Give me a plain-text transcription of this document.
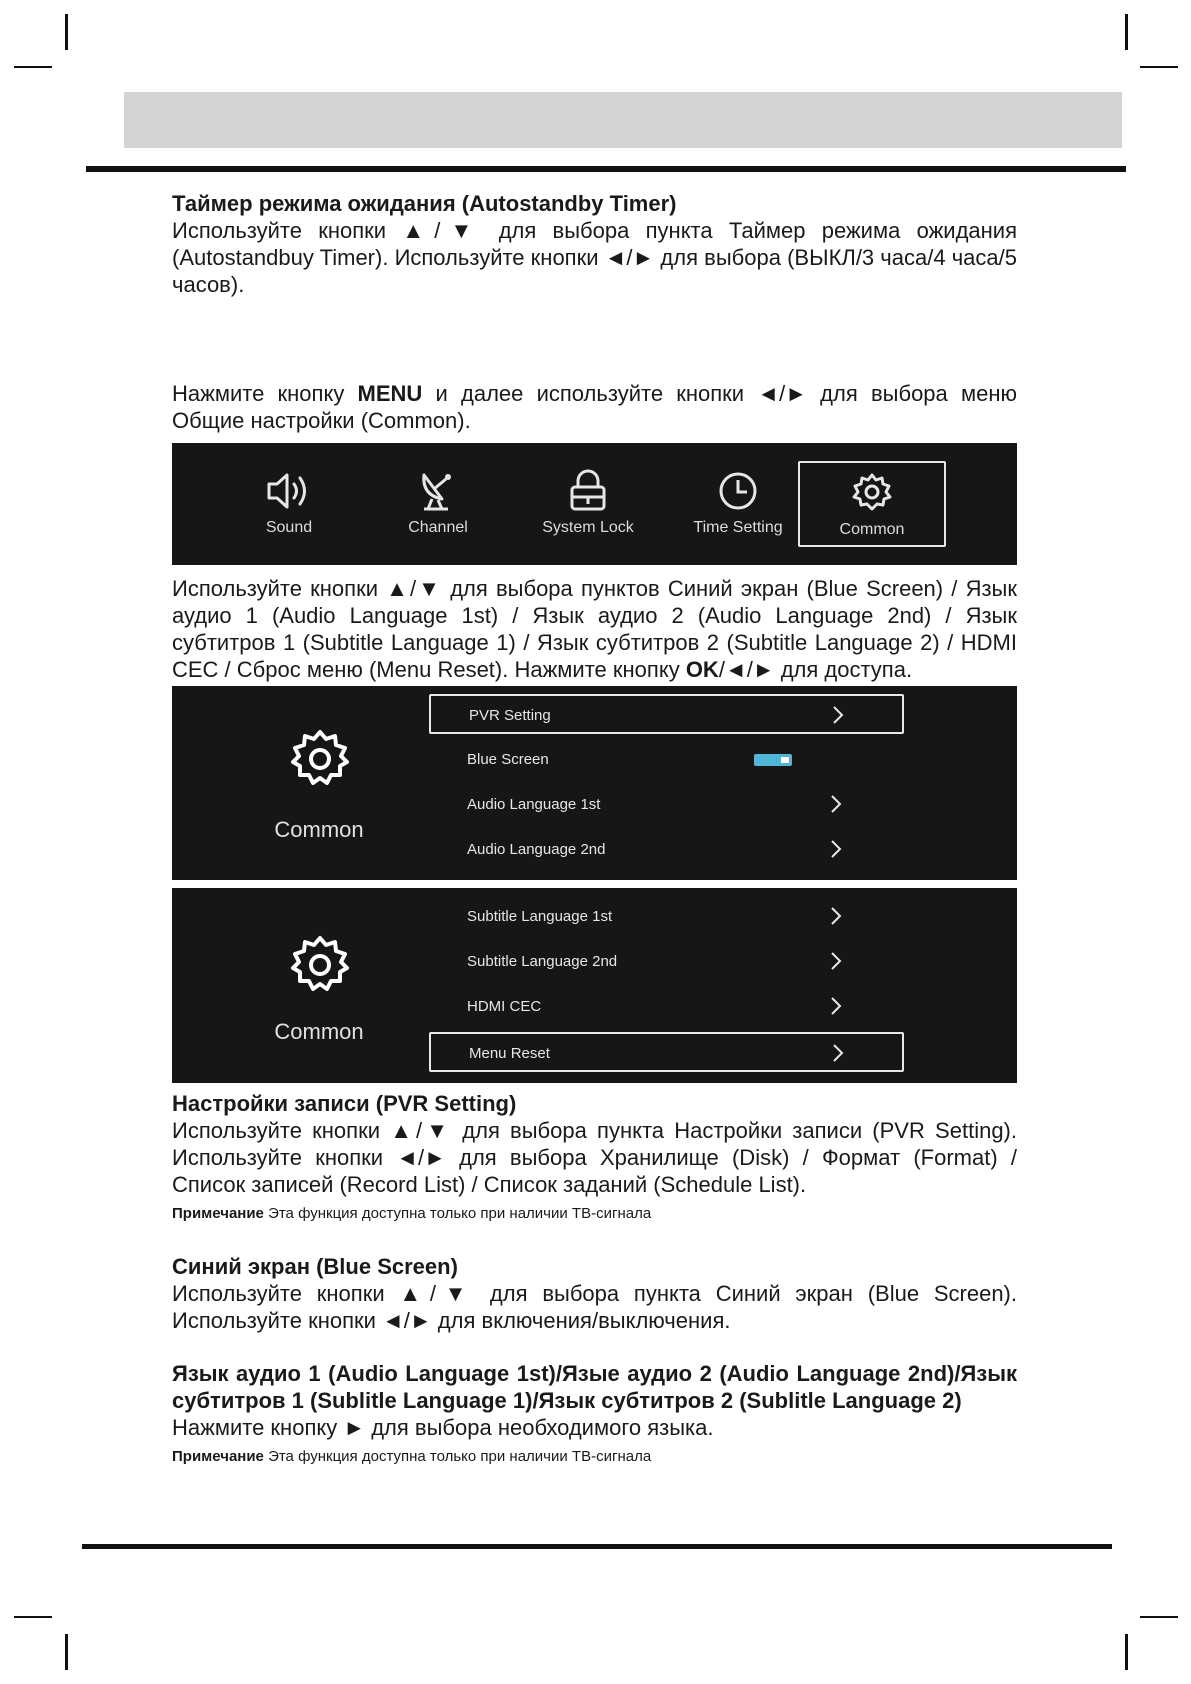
Таймер режима ожидания (Autostandby Timer)

Используйте кнопки ▲/▼ для выбора пункта Таймер режима ожидания (Autostandbuy Timer). Используйте кнопки ◄/► для выбора (ВЫКЛ/3 часа/4 часа/5 часов).

Нажмите кнопку MENU и далее используйте кнопки ◄/► для выбора меню Общие настройки (Common).

Sound	Channel	System Lock	Time Setting	Common

Используйте кнопки ▲/▼ для выбора пунктов Синий экран (Blue Screen) / Язык аудио 1 (Audio Language 1st) / Язык аудио 2 (Audio Language 2nd) / Язык субтитров 1 (Subtitle Language 1) / Язык субтитров 2 (Subtitle Language 2) / HDMI CEC / Сброс меню (Menu Reset). Нажмите кнопку OK/◄/► для доступа.

Common
PVR Setting
Blue Screen
Audio Language 1st
Audio Language 2nd
Common
Subtitle Language 1st
Subtitle Language 2nd
HDMI CEC
Menu Reset

Настройки записи (PVR Setting)

Используйте кнопки ▲/▼ для выбора пункта Настройки записи (PVR Setting). Используйте кнопки ◄/► для выбора Хранилище (Disk) / Формат (Format) / Список записей (Record List) / Список заданий (Schedule List).

Примечание Эта функция доступна только при наличии ТВ-сигнала

Синий экран (Blue Screen)

Используйте кнопки ▲/▼ для выбора пункта Синий экран (Blue Screen). Используйте кнопки ◄/► для включения/выключения.

Язык аудио 1 (Audio Language 1st)/Язые аудио 2 (Audio Language 2nd)/Язык субтитров 1 (Sublitle Language 1)/Язык субтитров 2 (Sublitle Language 2)

Нажмите кнопку ► для выбора необходимого языка.

Примечание Эта функция доступна только при наличии ТВ-сигнала
